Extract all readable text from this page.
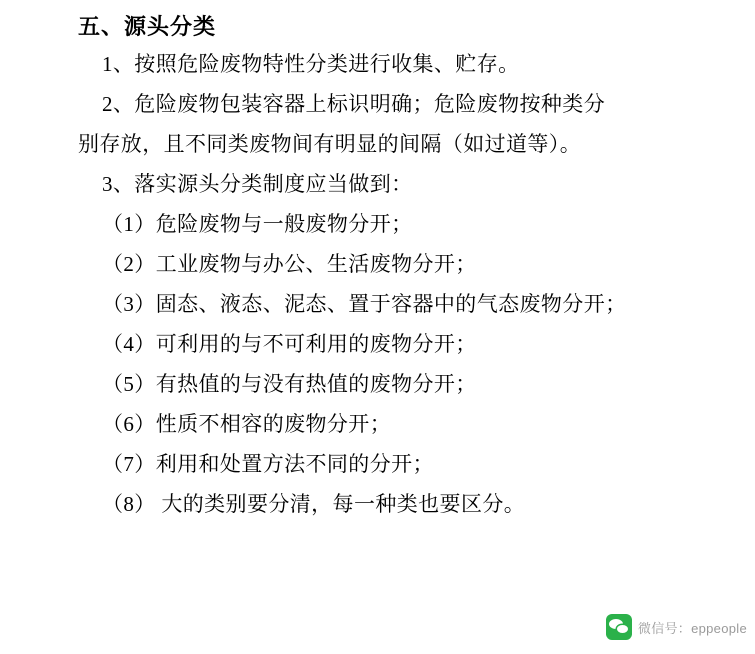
五、源头分类

1、按照危险废物特性分类进行收集、贮存。

2、危险废物包装容器上标识明确；危险废物按种类分

别存放，且不同类废物间有明显的间隔（如过道等）。

3、落实源头分类制度应当做到：

（1）危险废物与一般废物分开；

（2）工业废物与办公、生活废物分开；

（3）固态、液态、泥态、置于容器中的气态废物分开；

（4）可利用的与不可利用的废物分开；

（5）有热值的与没有热值的废物分开；

（6）性质不相容的废物分开；

（7）利用和处置方法不同的分开；

（8） 大的类别要分清，每一种类也要区分。

微信号：eppeople
